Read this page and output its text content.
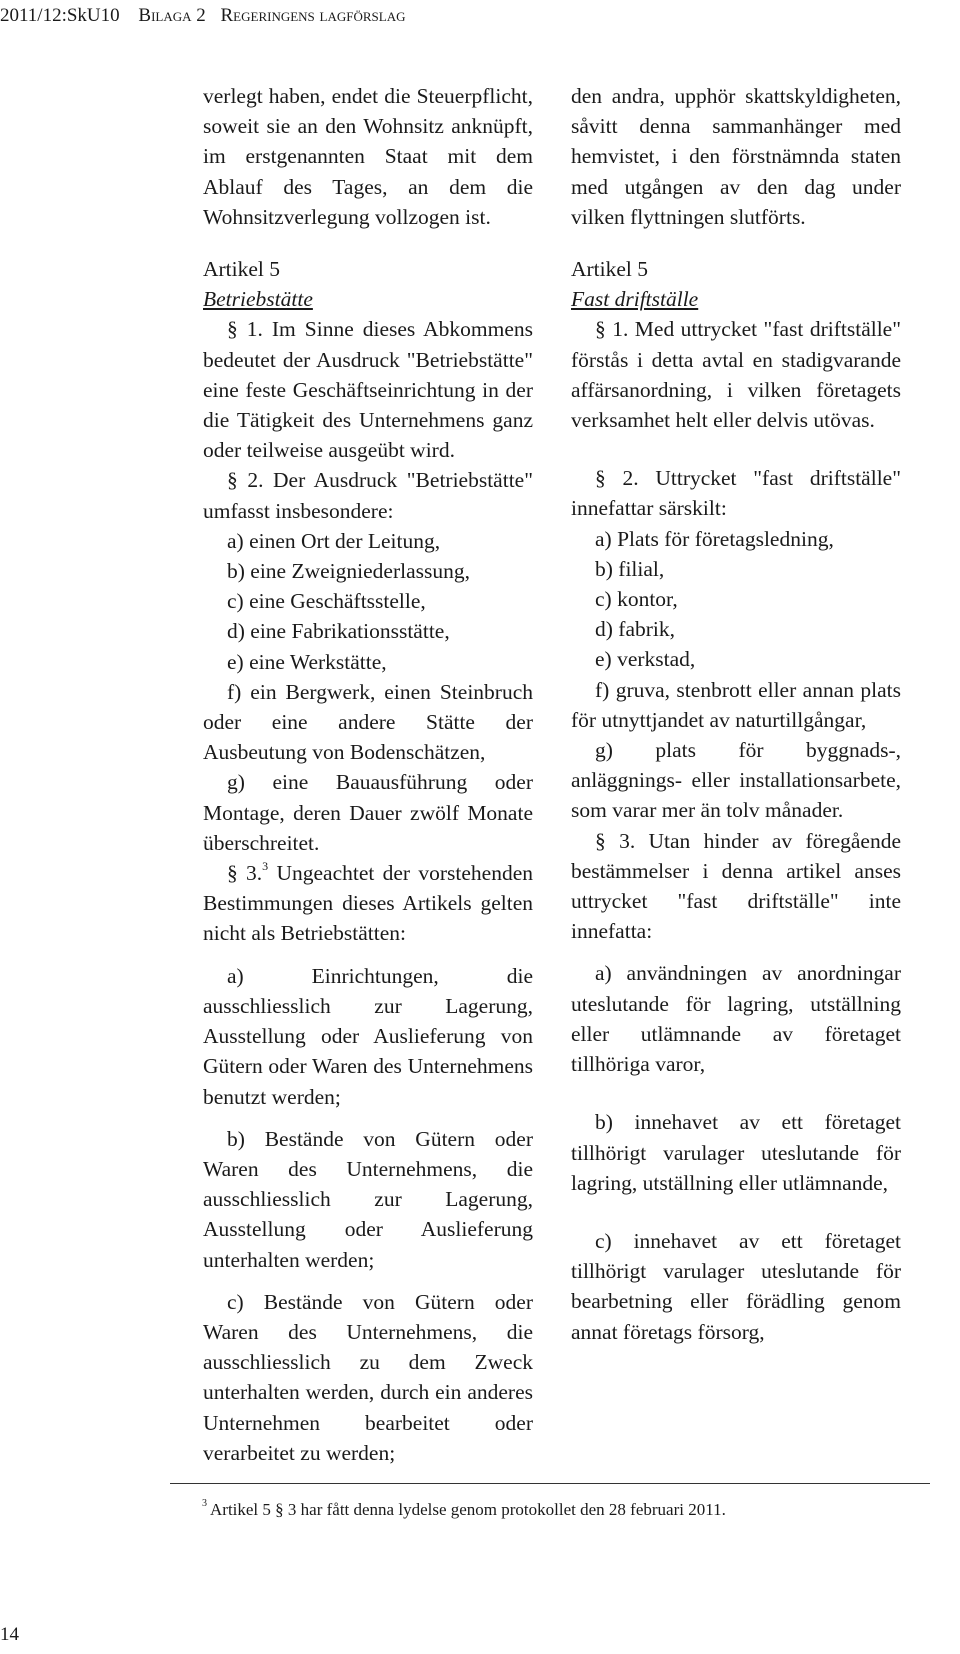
2011/12:SkU10 Bilaga 2 Regeringens lagförslag

verlegt haben, endet die Steuerpflicht, soweit sie an den Wohnsitz anknüpft, im erstgenannten Staat mit dem Ablauf des Tages, an dem die Wohnsitzverlegung vollzogen ist.

Artikel 5

Betriebstätte

§ 1. Im Sinne dieses Abkommens bedeutet der Ausdruck "Betriebstätte" eine feste Geschäftseinrichtung in der die Tätigkeit des Unternehmens ganz oder teilweise ausgeübt wird.

§ 2. Der Ausdruck "Betriebstätte" umfasst insbesondere:

a) einen Ort der Leitung,

b) eine Zweigniederlassung,

c) eine Geschäftsstelle,

d) eine Fabrikationsstätte,

e) eine Werkstätte,

f) ein Bergwerk, einen Steinbruch oder eine andere Stätte der Ausbeutung von Bodenschätzen,

g) eine Bauausführung oder Montage, deren Dauer zwölf Monate überschreitet.

§ 3.$^3$ Ungeachtet der vorstehenden Bestimmungen dieses Artikels gelten nicht als Betriebstätten:

a) Einrichtungen, die ausschliesslich zur Lagerung, Ausstellung oder Auslieferung von Gütern oder Waren des Unternehmens benutzt werden;

b) Bestände von Gütern oder Waren des Unternehmens, die ausschliesslich zur Lagerung, Ausstellung oder Auslieferung unterhalten werden;

c) Bestände von Gütern oder Waren des Unternehmens, die ausschliesslich zu dem Zweck unterhalten werden, durch ein anderes Unternehmen bearbeitet oder verarbeitet zu werden;

den andra, upphör skattskyldigheten, såvitt denna sammanhänger med hemvistet, i den förstnämnda staten med utgången av den dag under vilken flyttningen slutförts.

Artikel 5

Fast driftställe

§ 1. Med uttrycket "fast driftställe" förstås i detta avtal en stadigvarande affärsanordning, i vilken företagets verksamhet helt eller delvis utövas.

§ 2. Uttrycket "fast driftställe" innefattar särskilt:

a) Plats för företagsledning,

b) filial,

c) kontor,

d) fabrik,

e) verkstad,

f) gruva, stenbrott eller annan plats för utnyttjandet av naturtillgångar,

g) plats för byggnads-, anläggnings- eller installationsarbete, som varar mer än tolv månader.

§ 3. Utan hinder av föregående bestämmelser i denna artikel anses uttrycket "fast driftställe" inte innefatta:

a) användningen av anordningar uteslutande för lagring, utställning eller utlämnande av företaget tillhöriga varor,

b) innehavet av ett företaget tillhörigt varulager uteslutande för lagring, utställning eller utlämnande,

c) innehavet av ett företaget tillhörigt varulager uteslutande för bearbetning eller förädling genom annat företags försorg,

$^3$ Artikel 5 § 3 har fått denna lydelse genom protokollet den 28 februari 2011.
14
